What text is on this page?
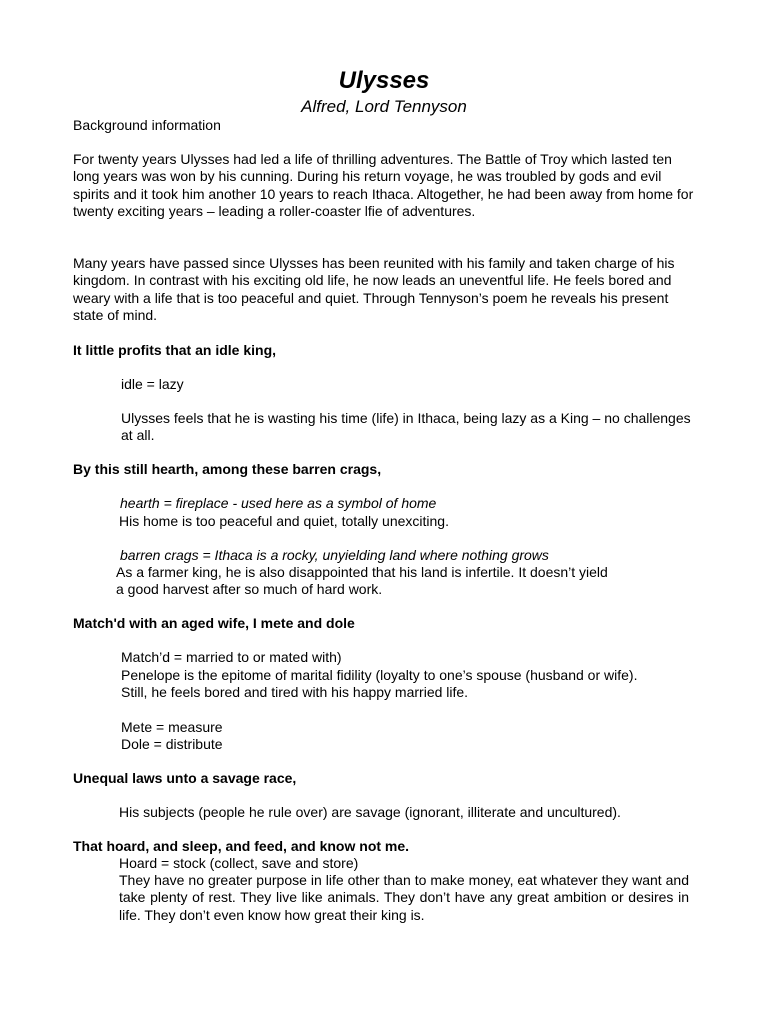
Ulysses
Alfred, Lord Tennyson

Background information

For twenty years Ulysses had led a life of thrilling adventures. The Battle of Troy which lasted ten long years was won by his cunning. During his return voyage, he was troubled by gods and evil spirits and it took him another 10 years to reach Ithaca. Altogether, he had been away from home for twenty exciting years – leading a roller-coaster lfie of adventures.

Many years have passed since Ulysses has been reunited with his family and taken charge of his kingdom. In contrast with his exciting old life, he now leads an uneventful life. He feels bored and weary with a life that is too peaceful and quiet. Through Tennyson’s poem he reveals his present state of mind.

It little profits that an idle king,

idle = lazy

Ulysses feels that he is wasting his time (life) in Ithaca, being lazy as a King – no challenges at all.

By this still hearth, among these barren crags,

hearth = fireplace - used here as a symbol of home

His home is too peaceful and quiet, totally unexciting.

barren crags = Ithaca is a rocky, unyielding land where nothing grows

As a farmer king, he is also disappointed that his land is infertile. It doesn’t yield

a good harvest after so much of hard work.

Match'd with an aged wife, I mete and dole

Match’d = married to or mated with)

Penelope is the epitome of marital fidility (loyalty to one’s spouse (husband or wife). Still, he feels bored and tired with his happy married life.

Mete = measure

Dole = distribute

Unequal laws unto a savage race,

His subjects (people he rule over) are savage (ignorant, illiterate and uncultured).

That hoard, and sleep, and feed, and know not me.

Hoard = stock (collect, save and store)

They have no greater purpose in life other than to make money, eat whatever they want and take plenty of rest. They live like animals. They don’t have any great ambition or desires in life. They don’t even know how great their king is.
